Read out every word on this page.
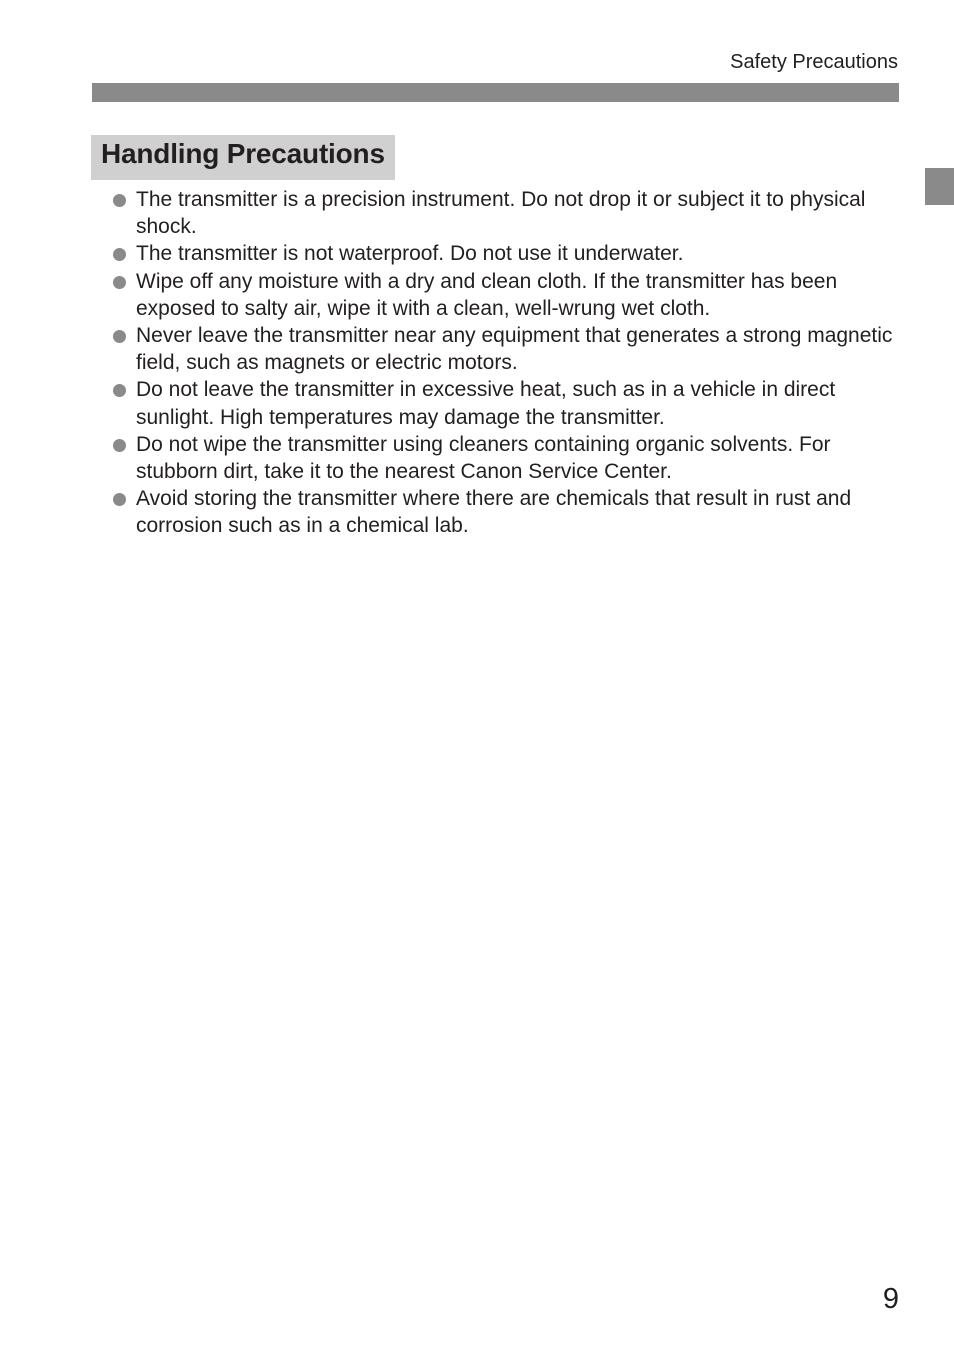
Safety Precautions
Handling Precautions
The transmitter is a precision instrument. Do not drop it or subject it to physical shock.
The transmitter is not waterproof. Do not use it underwater.
Wipe off any moisture with a dry and clean cloth. If the transmitter has been exposed to salty air, wipe it with a clean, well-wrung wet cloth.
Never leave the transmitter near any equipment that generates a strong magnetic field, such as magnets or electric motors.
Do not leave the transmitter in excessive heat, such as in a vehicle in direct sunlight. High temperatures may damage the transmitter.
Do not wipe the transmitter using cleaners containing organic solvents. For stubborn dirt, take it to the nearest Canon Service Center.
Avoid storing the transmitter where there are chemicals that result in rust and corrosion such as in a chemical lab.
9
